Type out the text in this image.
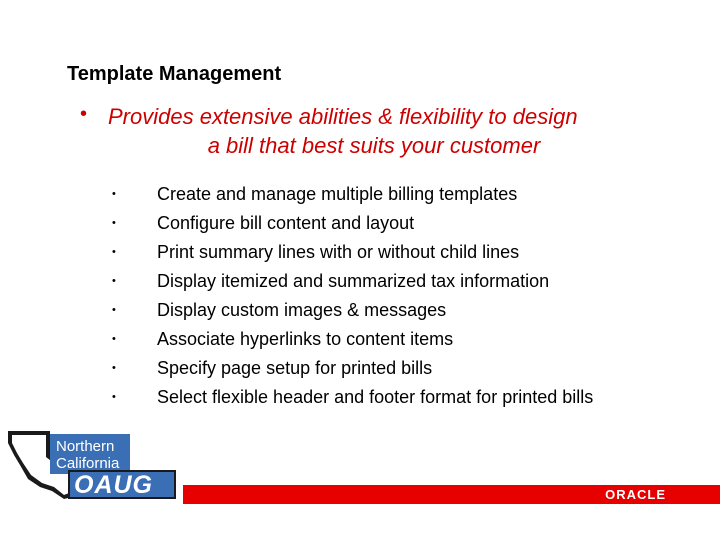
Template Management
• Provides extensive abilities & flexibility to design
a bill that best suits your customer
• Create and manage multiple billing templates
• Configure bill content and layout
• Print summary lines with or without child lines
• Display itemized and summarized tax information
• Display custom images & messages
• Associate hyperlinks to content items
• Specify page setup for printed bills
• Select flexible header and footer format for printed bills
Northern
California
OAUG	ORACLE
